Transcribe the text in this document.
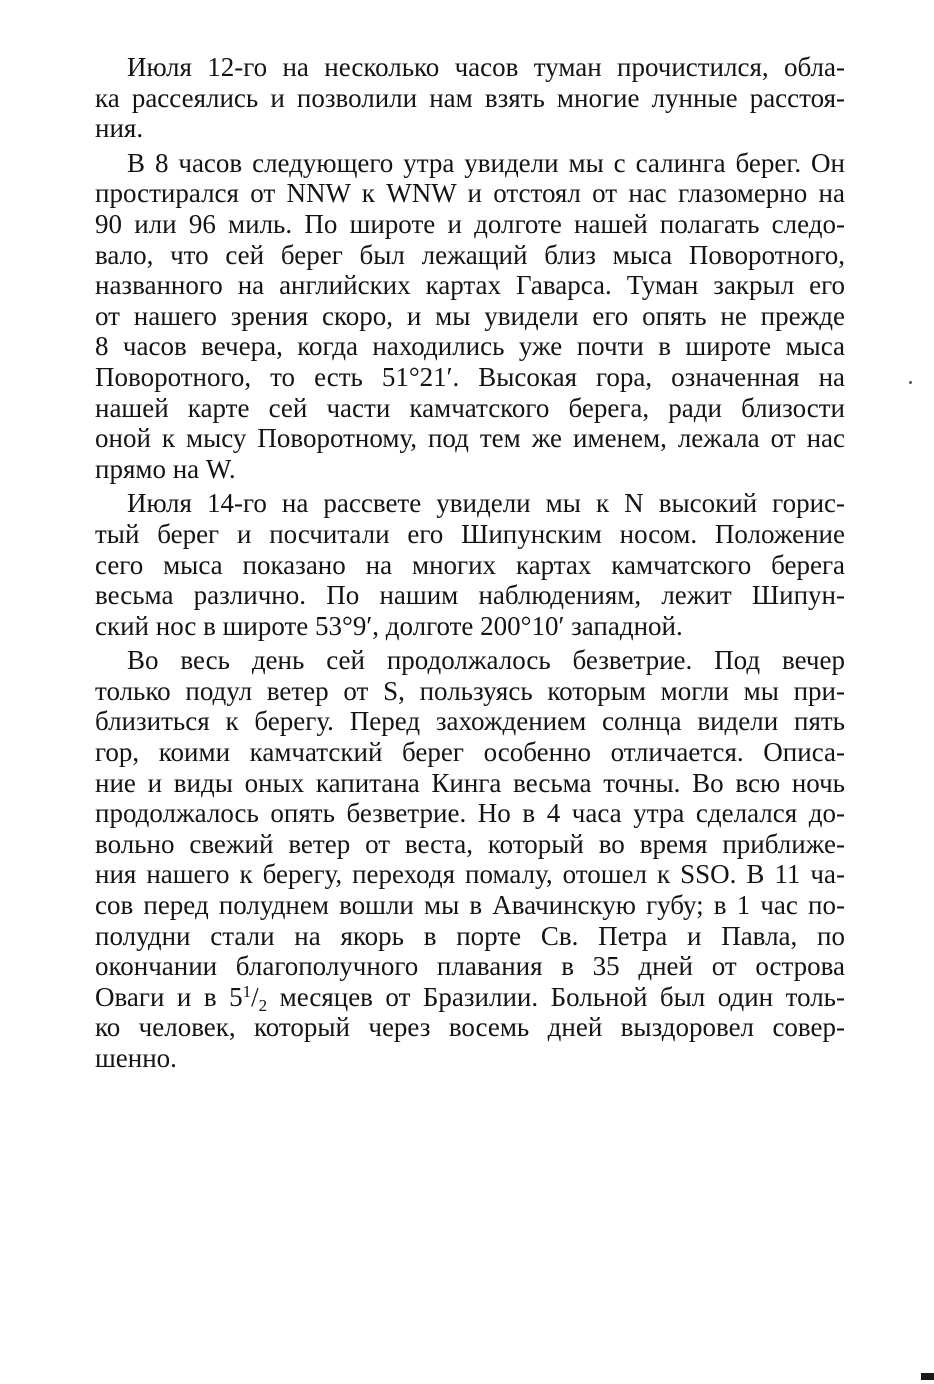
Июля 12-го на несколько часов туман прочистился, обла-
ка рассеялись и позволили нам взять многие лунные расстоя-
ния.
В 8 часов следующего утра увидели мы с салинга берег. Он
простирался от NNW к WNW и отстоял от нас глазомерно на
90 или 96 миль. По широте и долготе нашей полагать следо-
вало, что сей берег был лежащий близ мыса Поворотного,
названного на английских картах Гаварса. Туман закрыл его
от нашего зрения скоро, и мы увидели его опять не прежде
8 часов вечера, когда находились уже почти в широте мыса
Поворотного, то есть 51°21′. Высокая гора, означенная на
нашей карте сей части камчатского берега, ради близости
оной к мысу Поворотному, под тем же именем, лежала от нас
прямо на W.
Июля 14-го на рассвете увидели мы к N высокий горис-
тый берег и посчитали его Шипунским носом. Положение
сего мыса показано на многих картах камчатского берега
весьма различно. По нашим наблюдениям, лежит Шипун-
ский нос в широте 53°9′, долготе 200°10′ западной.
Во весь день сей продолжалось безветрие. Под вечер
только подул ветер от S, пользуясь которым могли мы при-
близиться к берегу. Перед захождением солнца видели пять
гор, коими камчатский берег особенно отличается. Описа-
ние и виды оных капитана Кинга весьма точны. Во всю ночь
продолжалось опять безветрие. Но в 4 часа утра сделался до-
вольно свежий ветер от веста, который во время приближе-
ния нашего к берегу, переходя помалу, отошел к SSO. В 11 ча-
сов перед полуднем вошли мы в Авачинскую губу; в 1 час по-
полудни стали на якорь в порте Св. Петра и Павла, по
окончании благополучного плавания в 35 дней от острова
Оваги и в $5^1/2$ месяцев от Бразилии. Больной был один толь-
ко человек, который через восемь дней выздоровел совер-
шенно.
